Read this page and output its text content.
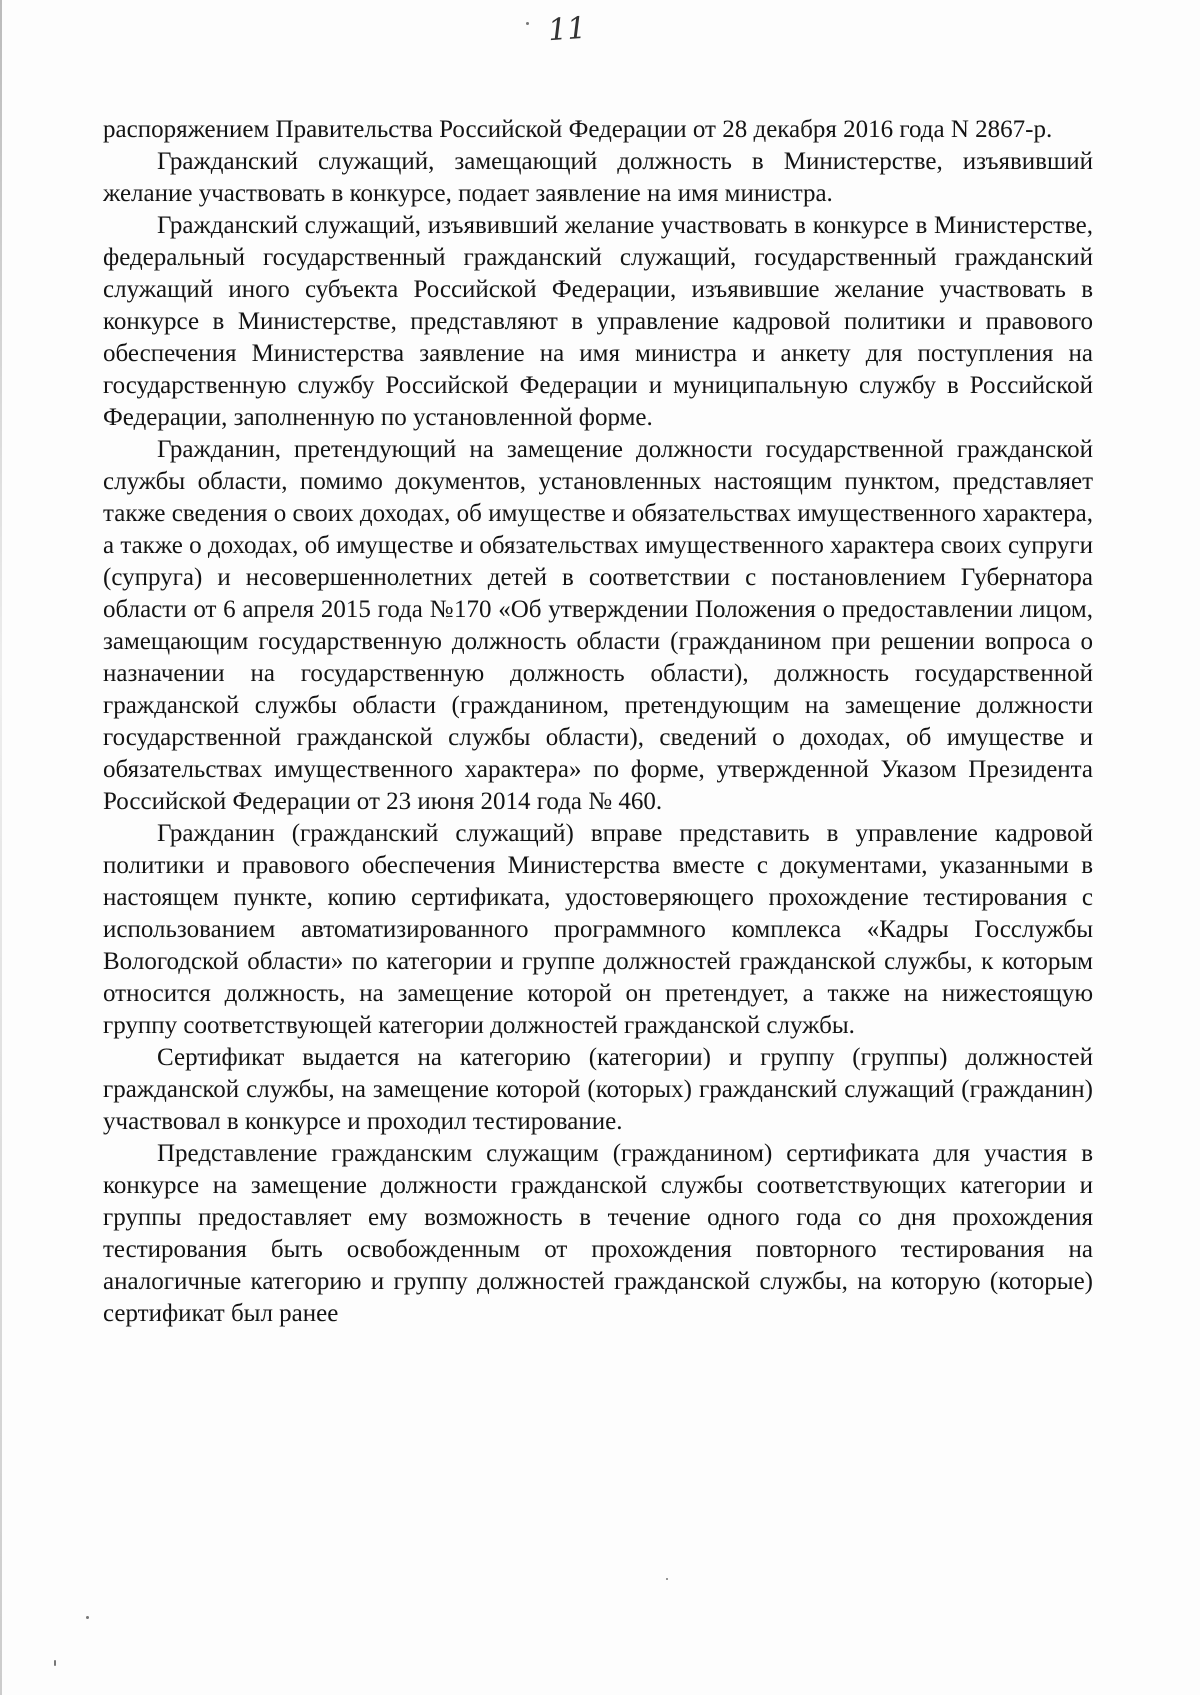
11

распоряжением Правительства Российской Федерации от 28 декабря 2016 года N 2867-р.

Гражданский служащий, замещающий должность в Министерстве, изъявивший желание участвовать в конкурсе, подает заявление на имя министра.

Гражданский служащий, изъявивший желание участвовать в конкурсе в Министерстве, федеральный государственный гражданский служащий, государственный гражданский служащий иного субъекта Российской Федерации, изъявившие желание участвовать в конкурсе в Министерстве, представляют в управление кадровой политики и правового обеспечения Министерства заявление на имя министра и анкету для поступления на государственную службу Российской Федерации и муниципальную службу в Российской Федерации, заполненную по установленной форме.

Гражданин, претендующий на замещение должности государственной гражданской службы области, помимо документов, установленных настоящим пунктом, представляет также сведения о своих доходах, об имуществе и обязательствах имущественного характера, а также о доходах, об имуществе и обязательствах имущественного характера своих супруги (супруга) и несовершеннолетних детей в соответствии с постановлением Губернатора области от 6 апреля 2015 года №170 «Об утверждении Положения о предоставлении лицом, замещающим государственную должность области (гражданином при решении вопроса о назначении на государственную должность области), должность государственной гражданской службы области (гражданином, претендующим на замещение должности государственной гражданской службы области), сведений о доходах, об имуществе и обязательствах имущественного характера» по форме, утвержденной Указом Президента Российской Федерации от 23 июня 2014 года № 460.

Гражданин (гражданский служащий) вправе представить в управление кадровой политики и правового обеспечения Министерства вместе с документами, указанными в настоящем пункте, копию сертификата, удостоверяющего прохождение тестирования с использованием автоматизированного программного комплекса «Кадры Госслужбы Вологодской области» по категории и группе должностей гражданской службы, к которым относится должность, на замещение которой он претендует, а также на нижестоящую группу соответствующей категории должностей гражданской службы.

Сертификат выдается на категорию (категории) и группу (группы) должностей гражданской службы, на замещение которой (которых) гражданский служащий (гражданин) участвовал в конкурсе и проходил тестирование.

Представление гражданским служащим (гражданином) сертификата для участия в конкурсе на замещение должности гражданской службы соответствующих категории и группы предоставляет ему возможность в течение одного года со дня прохождения тестирования быть освобожденным от прохождения повторного тестирования на аналогичные категорию и группу должностей гражданской службы, на которую (которые) сертификат был ранее
